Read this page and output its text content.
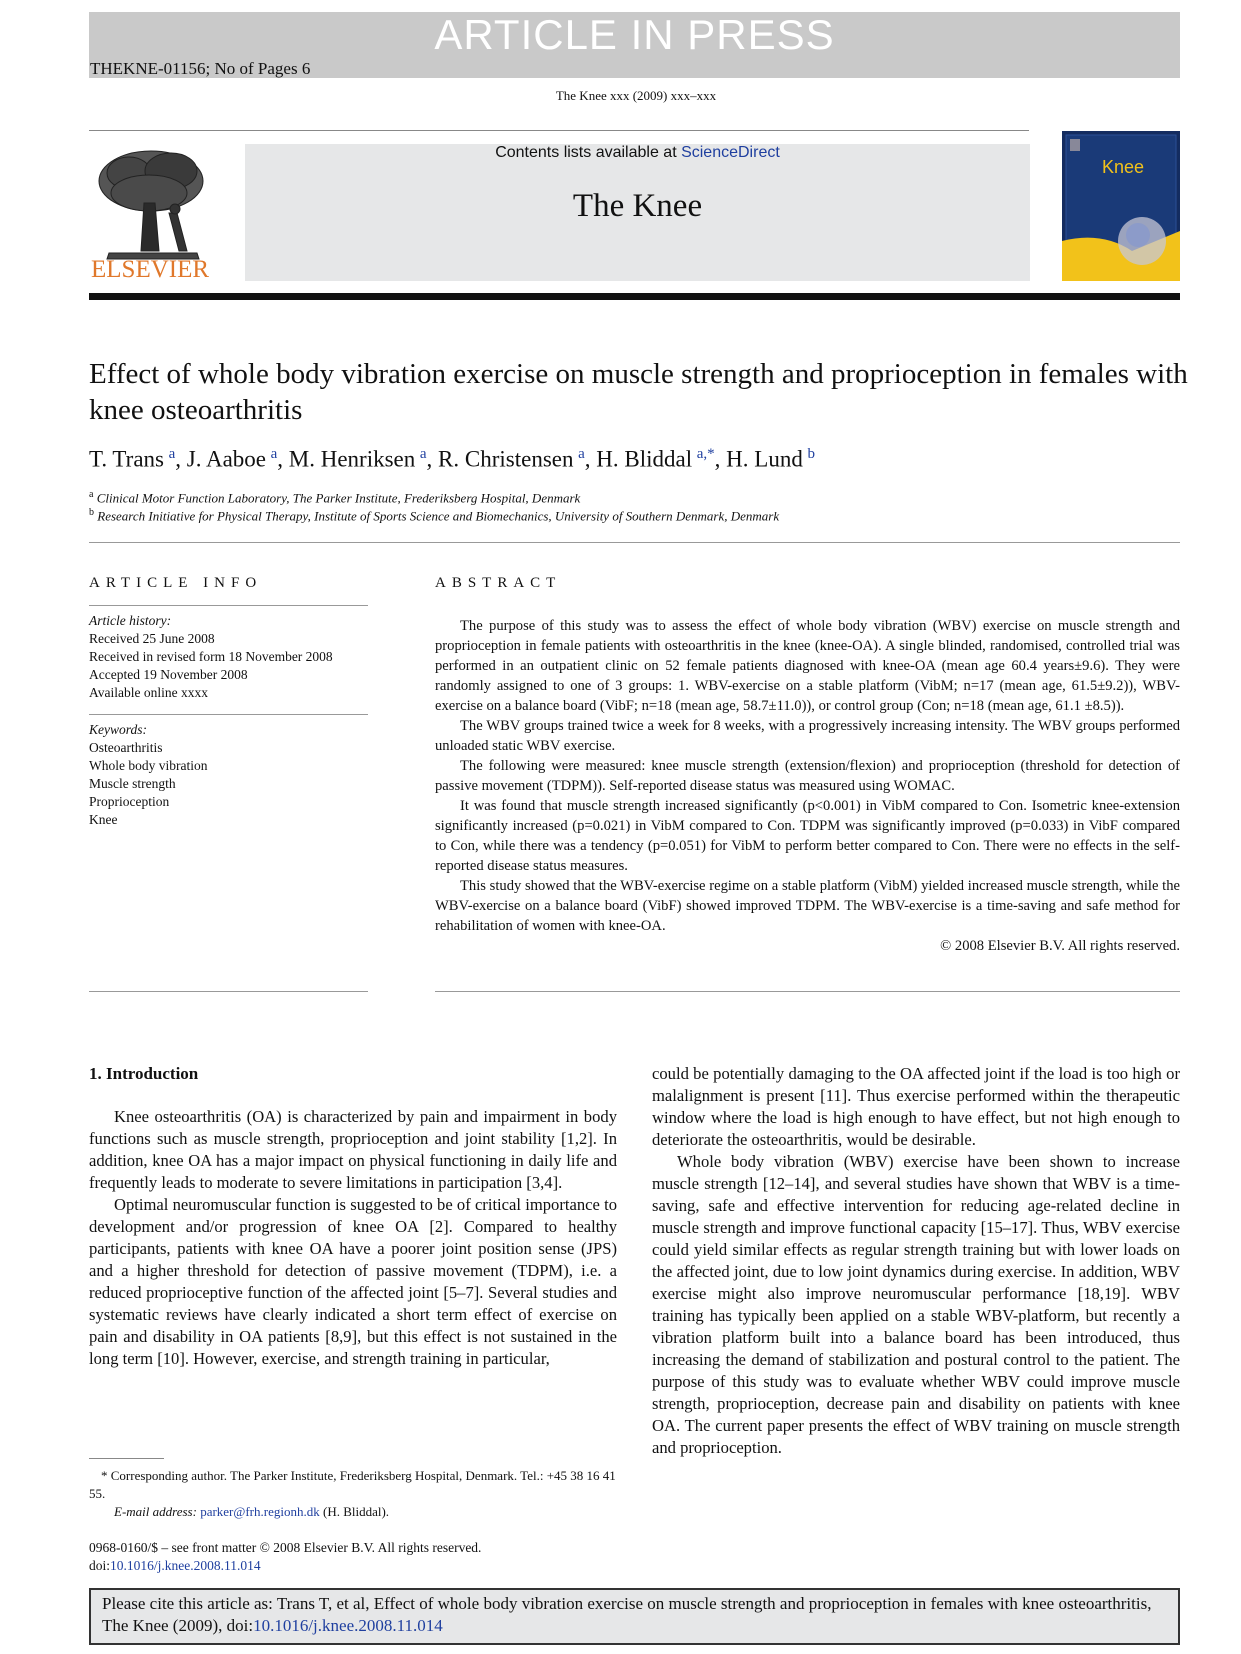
ARTICLE IN PRESS
THEKNE-01156; No of Pages 6
The Knee xxx (2009) xxx–xxx
ELSEVIER
Contents lists available at ScienceDirect
The Knee
Knee
Effect of whole body vibration exercise on muscle strength and proprioception in females with knee osteoarthritis
T. Trans  $^a$, J. Aaboe  $^a$, M. Henriksen  $^a$, R. Christensen  $^a$, H. Bliddal  $^{a,*}$, H. Lund  $^b$
$^a$ Clinical Motor Function Laboratory, The Parker Institute, Frederiksberg Hospital, Denmark
$^b$ Research Initiative for Physical Therapy, Institute of Sports Science and Biomechanics, University of Southern Denmark, Denmark
ARTICLE INFO	ABSTRACT
Article history:
Received 25 June 2008
Received in revised form 18 November 2008
Accepted 19 November 2008
Available online xxxx
Keywords:
Osteoarthritis
Whole body vibration
Muscle strength
Proprioception
Knee

The purpose of this study was to assess the effect of whole body vibration (WBV) exercise on muscle strength and proprioception in female patients with osteoarthritis in the knee (knee-OA). A single blinded, randomised, controlled trial was performed in an outpatient clinic on 52 female patients diagnosed with knee-OA (mean age 60.4 years±9.6). They were randomly assigned to one of 3 groups: 1. WBV-exercise on a stable platform (VibM; n=17 (mean age, 61.5±9.2)), WBV-exercise on a balance board (VibF; n=18 (mean age, 58.7±11.0)), or control group (Con; n=18 (mean age, 61.1 ±8.5)).

The WBV groups trained twice a week for 8 weeks, with a progressively increasing intensity. The WBV groups performed unloaded static WBV exercise.

The following were measured: knee muscle strength (extension/flexion) and proprioception (threshold for detection of passive movement (TDPM)). Self-reported disease status was measured using WOMAC.

It was found that muscle strength increased significantly (p<0.001) in VibM compared to Con. Isometric knee-extension significantly increased (p=0.021) in VibM compared to Con. TDPM was significantly improved (p=0.033) in VibF compared to Con, while there was a tendency (p=0.051) for VibM to perform better compared to Con. There were no effects in the self-reported disease status measures.

This study showed that the WBV-exercise regime on a stable platform (VibM) yielded increased muscle strength, while the WBV-exercise on a balance board (VibF) showed improved TDPM. The WBV-exercise is a time-saving and safe method for rehabilitation of women with knee-OA.

© 2008 Elsevier B.V. All rights reserved.
1. Introduction

Knee osteoarthritis (OA) is characterized by pain and impairment in body functions such as muscle strength, proprioception and joint stability [1,2]. In addition, knee OA has a major impact on physical functioning in daily life and frequently leads to moderate to severe limitations in participation [3,4].

Optimal neuromuscular function is suggested to be of critical importance to development and/or progression of knee OA [2]. Compared to healthy participants, patients with knee OA have a poorer joint position sense (JPS) and a higher threshold for detection of passive movement (TDPM), i.e. a reduced proprioceptive function of the affected joint [5–7]. Several studies and systematic reviews have clearly indicated a short term effect of exercise on pain and disability in OA patients [8,9], but this effect is not sustained in the long term [10]. However, exercise, and strength training in particular,

could be potentially damaging to the OA affected joint if the load is too high or malalignment is present [11]. Thus exercise performed within the therapeutic window where the load is high enough to have effect, but not high enough to deteriorate the osteoarthritis, would be desirable.

Whole body vibration (WBV) exercise have been shown to increase muscle strength [12–14], and several studies have shown that WBV is a time-saving, safe and effective intervention for reducing age-related decline in muscle strength and improve functional capacity [15–17]. Thus, WBV exercise could yield similar effects as regular strength training but with lower loads on the affected joint, due to low joint dynamics during exercise. In addition, WBV exercise might also improve neuromuscular performance [18,19]. WBV training has typically been applied on a stable WBV-platform, but recently a vibration platform built into a balance board has been introduced, thus increasing the demand of stabilization and postural control to the patient. The purpose of this study was to evaluate whether WBV could improve muscle strength, proprioception, decrease pain and disability on patients with knee OA. The current paper presents the effect of WBV training on muscle strength and proprioception.

* Corresponding author. The Parker Institute, Frederiksberg Hospital, Denmark. Tel.: +45 38 16 41 55.
E-mail address: parker@frh.regionh.dk (H. Bliddal).
0968-0160/$ – see front matter © 2008 Elsevier B.V. All rights reserved.
doi:10.1016/j.knee.2008.11.014
Please cite this article as: Trans T, et al, Effect of whole body vibration exercise on muscle strength and proprioception in females with knee osteoarthritis, The Knee (2009), doi:10.1016/j.knee.2008.11.014
